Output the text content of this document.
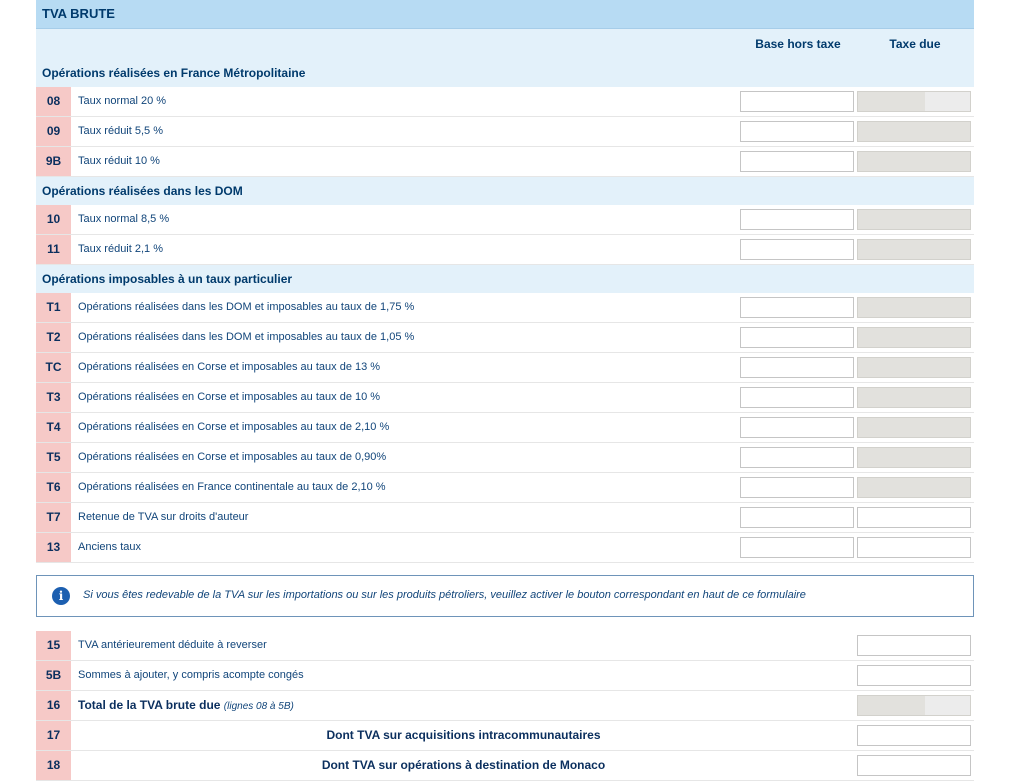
TVA BRUTE
Base hors taxe	Taxe due
Opérations réalisées en France Métropolitaine
08	Taux normal 20 %
09	Taux réduit 5,5 %
9B	Taux réduit 10 %
Opérations réalisées dans les DOM
10	Taux normal 8,5 %
11	Taux réduit 2,1 %
Opérations imposables à un taux particulier
T1	Opérations réalisées dans les DOM et imposables au taux de 1,75 %
T2	Opérations réalisées dans les DOM et imposables au taux de 1,05 %
TC	Opérations réalisées en Corse et imposables au taux de 13 %
T3	Opérations réalisées en Corse et imposables au taux de 10 %
T4	Opérations réalisées en Corse et imposables au taux de 2,10 %
T5	Opérations réalisées en Corse et imposables au taux de 0,90%
T6	Opérations réalisées en France continentale au taux de 2,10 %
T7	Retenue de TVA sur droits d'auteur
13	Anciens taux
i	Si vous êtes redevable de la TVA sur les importations ou sur les produits pétroliers, veuillez activer le bouton correspondant en haut de ce formulaire
15	TVA antérieurement déduite à reverser
5B	Sommes à ajouter, y compris acompte congés
16	Total de la TVA brute due (lignes 08 à 5B)
17	Dont TVA sur acquisitions intracommunautaires
18	Dont TVA sur opérations à destination de Monaco
